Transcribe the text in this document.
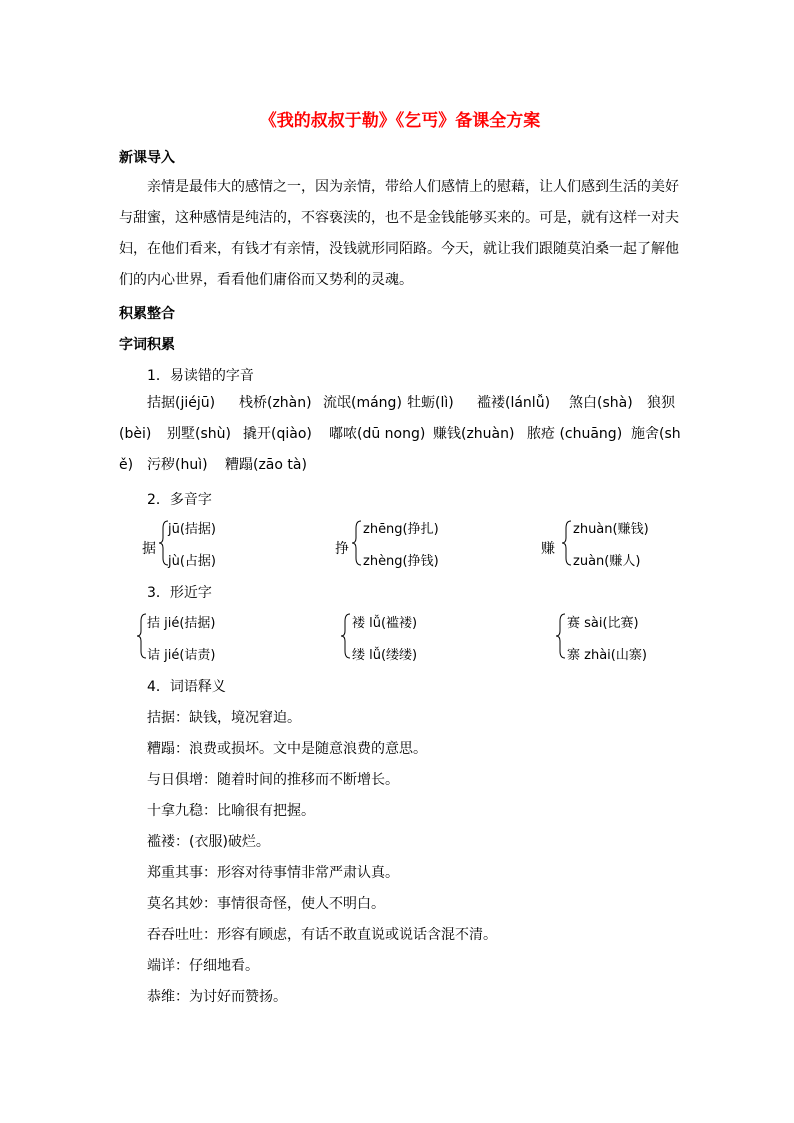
《我的叔叔于勒》《乞丐》备课全方案
新课导入

亲情是最伟大的感情之一，因为亲情，带给人们感情上的慰藉，让人们感到生活的美好与甜蜜，这种感情是纯洁的，不容亵渎的，也不是金钱能够买来的。可是，就有这样一对夫妇，在他们看来，有钱才有亲情，没钱就形同陌路。今天，就让我们跟随莫泊桑一起了解他们的内心世界，看看他们庸俗而又势利的灵魂。

积累整合
字词积累
1．易读错的字音
拮据(jiéjū) 栈桥(zhàn) 流氓(máng) 牡蛎(lì) 褴褛(lánlǚ) 煞白(shà) 狼狈
(bèi) 别墅(shù) 撬开(qiào) 嘟哝(dū nong) 赚钱(zhuàn) 脓疮 (chuāng) 施舍(sh
ě) 污秽(huì) 糟蹋(zāo tà)
2．多音字
据
jū(拮据)
jù(占据)
挣
zhēng(挣扎)
zhèng(挣钱)
赚
zhuàn(赚钱)
zuàn(赚人)
3．形近字
拮 jié(拮据)
诘 jié(诘责)
褛 lǚ(褴褛)
缕 lǚ(缕缕)
赛 sài(比赛)
寨 zhài(山寨)
4．词语释义
拮据：缺钱，境况窘迫。
糟蹋：浪费或损坏。文中是随意浪费的意思。
与日俱增：随着时间的推移而不断增长。
十拿九稳：比喻很有把握。
褴褛：(衣服)破烂。
郑重其事：形容对待事情非常严肃认真。
莫名其妙：事情很奇怪，使人不明白。
吞吞吐吐：形容有顾虑，有话不敢直说或说话含混不清。
端详：仔细地看。
恭维：为讨好而赞扬。
